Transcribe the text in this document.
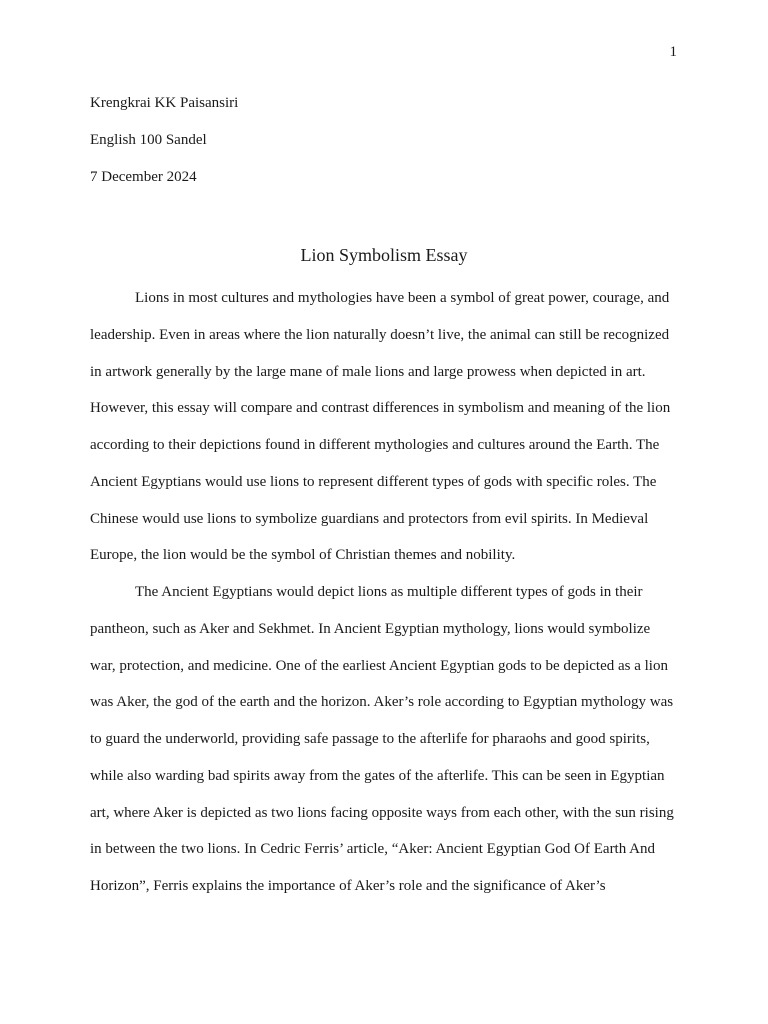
1
Krengkrai KK Paisansiri
English 100 Sandel
7 December 2024
Lion Symbolism Essay
Lions in most cultures and mythologies have been a symbol of great power, courage, and
leadership. Even in areas where the lion naturally doesn’t live, the animal can still be recognized
in artwork generally by the large mane of male lions and large prowess when depicted in art.
However, this essay will compare and contrast differences in symbolism and meaning of the lion
according to their depictions found in different mythologies and cultures around the Earth. The
Ancient Egyptians would use lions to represent different types of gods with specific roles. The
Chinese would use lions to symbolize guardians and protectors from evil spirits. In Medieval
Europe, the lion would be the symbol of Christian themes and nobility.
The Ancient Egyptians would depict lions as multiple different types of gods in their
pantheon, such as Aker and Sekhmet. In Ancient Egyptian mythology, lions would symbolize
war, protection, and medicine. One of the earliest Ancient Egyptian gods to be depicted as a lion
was Aker, the god of the earth and the horizon. Aker’s role according to Egyptian mythology was
to guard the underworld, providing safe passage to the afterlife for pharaohs and good spirits,
while also warding bad spirits away from the gates of the afterlife. This can be seen in Egyptian
art, where Aker is depicted as two lions facing opposite ways from each other, with the sun rising
in between the two lions. In Cedric Ferris’ article, “Aker: Ancient Egyptian God Of Earth And
Horizon”, Ferris explains the importance of Aker’s role and the significance of Aker’s
